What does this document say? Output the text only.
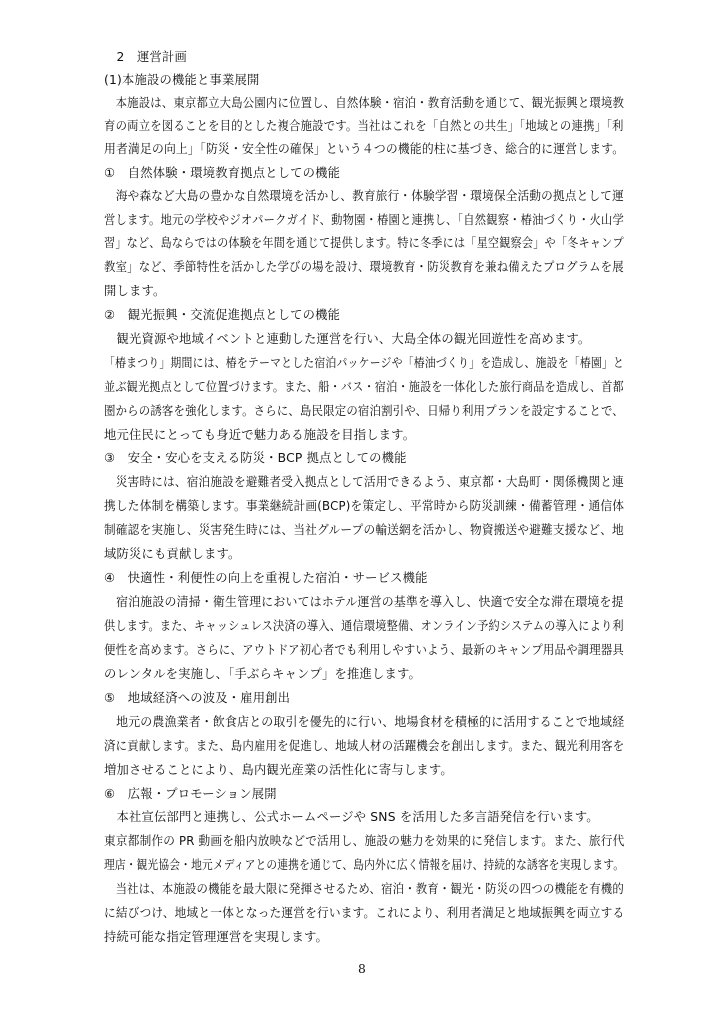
　2　運営計画
(1)本施設の機能と事業展開
　本施設は、東京都立大島公園内に位置し、自然体験・宿泊・教育活動を通じて、観光振興と環境教
育の両立を図ることを目的とした複合施設です。当社はこれを「自然との共生」「地域との連携」「利
用者満足の向上」「防災・安全性の確保」という４つの機能的柱に基づき、総合的に運営します。
①　自然体験・環境教育拠点としての機能
　海や森など大島の豊かな自然環境を活かし、教育旅行・体験学習・環境保全活動の拠点として運
営します。地元の学校やジオパークガイド、動物園・椿園と連携し、「自然観察・椿油づくり・火山学
習」など、島ならではの体験を年間を通じて提供します。特に冬季には「星空観察会」や「冬キャンプ
教室」など、季節特性を活かした学びの場を設け、環境教育・防災教育を兼ね備えたプログラムを展
開します。
②　観光振興・交流促進拠点としての機能
　観光資源や地域イベントと連動した運営を行い、大島全体の観光回遊性を高めます。
「椿まつり」期間には、椿をテーマとした宿泊パッケージや「椿油づくり」を造成し、施設を「椿園」と
並ぶ観光拠点として位置づけます。また、船・バス・宿泊・施設を一体化した旅行商品を造成し、首都
圏からの誘客を強化します。さらに、島民限定の宿泊割引や、日帰り利用プランを設定することで、
地元住民にとっても身近で魅力ある施設を目指します。
③　安全・安心を支える防災・BCP 拠点としての機能
　災害時には、宿泊施設を避難者受入拠点として活用できるよう、東京都・大島町・関係機関と連
携した体制を構築します。事業継続計画(BCP)を策定し、平常時から防災訓練・備蓄管理・通信体
制確認を実施し、災害発生時には、当社グループの輸送網を活かし、物資搬送や避難支援など、地
域防災にも貢献します。
④　快適性・利便性の向上を重視した宿泊・サービス機能
　宿泊施設の清掃・衛生管理においてはホテル運営の基準を導入し、快適で安全な滞在環境を提
供します。また、キャッシュレス決済の導入、通信環境整備、オンライン予約システムの導入により利
便性を高めます。さらに、アウトドア初心者でも利用しやすいよう、最新のキャンプ用品や調理器具
のレンタルを実施し、「手ぶらキャンプ」を推進します。
⑤　地域経済への波及・雇用創出
　地元の農漁業者・飲食店との取引を優先的に行い、地場食材を積極的に活用することで地域経
済に貢献します。また、島内雇用を促進し、地域人材の活躍機会を創出します。また、観光利用客を
増加させることにより、島内観光産業の活性化に寄与します。
⑥　広報・プロモーション展開
　本社宣伝部門と連携し、公式ホームページや SNS を活用した多言語発信を行います。
東京都制作の PR 動画を船内放映などで活用し、施設の魅力を効果的に発信します。また、旅行代
理店・観光協会・地元メディアとの連携を通じて、島内外に広く情報を届け、持続的な誘客を実現します。
　当社は、本施設の機能を最大限に発揮させるため、宿泊・教育・観光・防災の四つの機能を有機的
に結びつけ、地域と一体となった運営を行います。これにより、利用者満足と地域振興を両立する
持続可能な指定管理運営を実現します。
8
